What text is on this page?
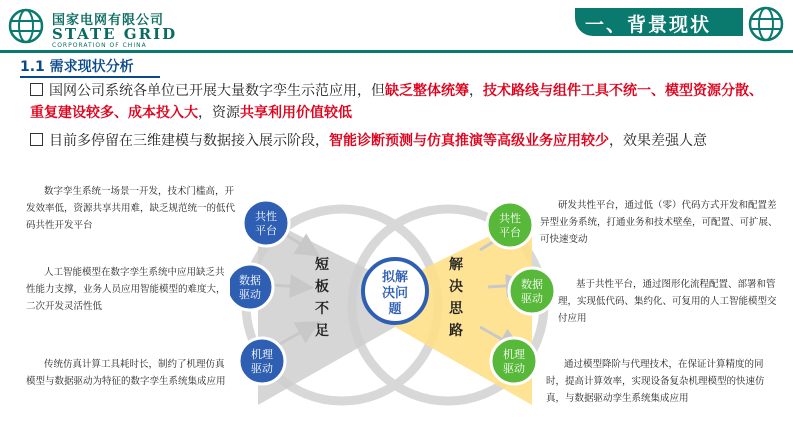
国家电网有限公司
STATE GRID
CORPORATION OF CHINA
一、背景现状
1.1 需求现状分析
国网公司系统各单位已开展大量数字孪生示范应用，但缺乏整体统筹，技术路线与组件工具不统一、模型资源分散、重复建设较多、成本投入大，资源共享利用价值较低
目前多停留在三维建模与数据接入展示阶段，智能诊断预测与仿真推演等高级业务应用较少，效果差强人意
数字孪生系统一场景一开发，技术门槛高，开发效率低，资源共享共用难，缺乏规范统一的低代码共性开发平台
人工智能模型在数字孪生系统中应用缺乏共性能力支撑，业务人员应用智能模型的难度大，二次开发灵活性低
传统仿真计算工具耗时长，制约了机理仿真模型与数据驱动为特征的数字孪生系统集成应用
研发共性平台，通过低（零）代码方式开发和配置差异型业务系统，打通业务和技术壁垒，可配置、可扩展、可快速变动
基于共性平台，通过图形化流程配置、部署和管理，实现低代码、集约化、可复用的人工智能模型交付应用
通过模型降阶与代理技术，在保证计算精度的同时，提高计算效率，实现设备复杂机理模型的快速仿真，与数据驱动孪生系统集成应用
拟解
决问
题
短
板
不
足
解
决
思
路
共性
平台
数据
驱动
机理
驱动
共性
平台
数据
驱动
机理
驱动
